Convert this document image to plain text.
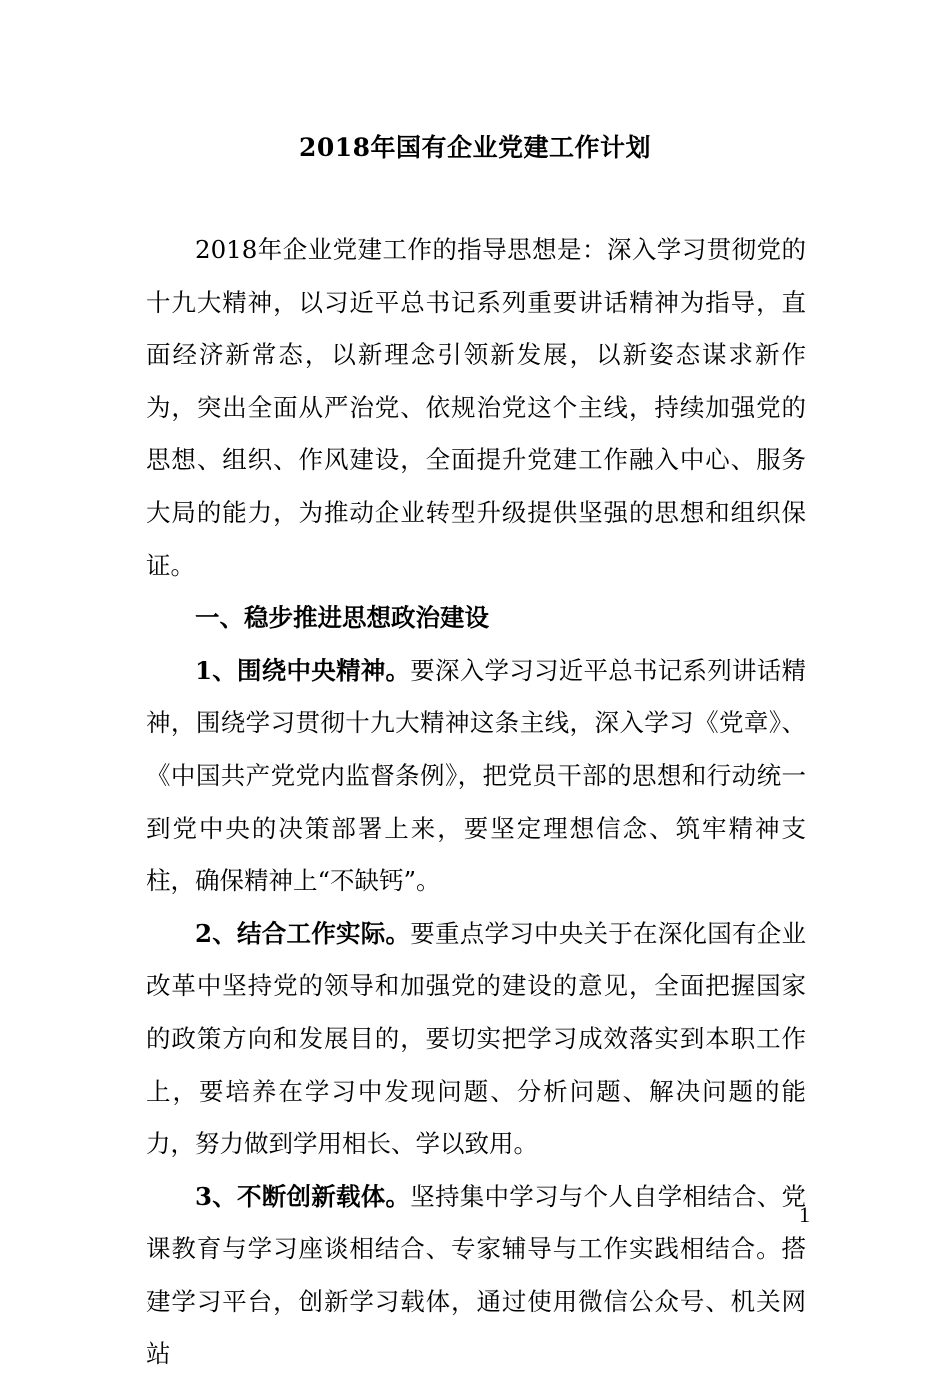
2018年国有企业党建工作计划

2018年企业党建工作的指导思想是：深入学习贯彻党的十九大精神，以习近平总书记系列重要讲话精神为指导，直面经济新常态，以新理念引领新发展，以新姿态谋求新作为，突出全面从严治党、依规治党这个主线，持续加强党的思想、组织、作风建设，全面提升党建工作融入中心、服务大局的能力，为推动企业转型升级提供坚强的思想和组织保证。

一、稳步推进思想政治建设

1、围绕中央精神。要深入学习习近平总书记系列讲话精神，围绕学习贯彻十九大精神这条主线，深入学习《党章》、《中国共产党党内监督条例》，把党员干部的思想和行动统一到党中央的决策部署上来，要坚定理想信念、筑牢精神支柱，确保精神上“不缺钙”。

2、结合工作实际。要重点学习中央关于在深化国有企业改革中坚持党的领导和加强党的建设的意见，全面把握国家的政策方向和发展目的，要切实把学习成效落实到本职工作上，要培养在学习中发现问题、分析问题、解决问题的能力，努力做到学用相长、学以致用。

3、不断创新载体。坚持集中学习与个人自学相结合、党课教育与学习座谈相结合、专家辅导与工作实践相结合。搭建学习平台，创新学习载体，通过使用微信公众号、机关网站

1
